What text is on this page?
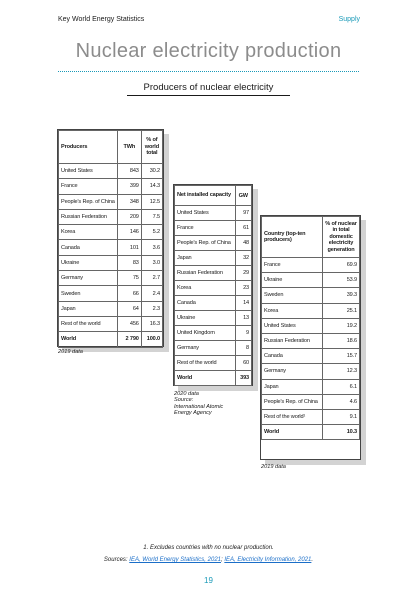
Key World Energy Statistics	Supply
Nuclear electricity production
Producers of nuclear electricity
Producers	TWh	% of world total
United States	843	30.2
France	399	14.3
People's Rep. of China	348	12.5
Russian Federation	209	7.5
Korea	146	5.2
Canada	101	3.6
Ukraine	83	3.0
Germany	75	2.7
Sweden	66	2.4
Japan	64	2.3
Rest of the world	456	16.3
World	2 790	100.0
2019 data
Net installed capacity	GW
United States	97
France	61
People's Rep. of China	48
Japan	32
Russian Federation	29
Korea	23
Canada	14
Ukraine	13
United Kingdom	9
Germany	8
Rest of the world	60
World	393
2020 data
Source:
International Atomic
Energy Agency
Country (top-ten producers)	% of nuclear in total domestic electricity generation
France	69.9
Ukraine	53.9
Sweden	39.3
Korea	25.1
United States	19.2
Russian Federation	18.6
Canada	15.7
Germany	12.3
Japan	6.1
People's Rep. of China	4.6
Rest of the world¹	9.1
World	10.3
2019 data
1. Excludes countries with no nuclear production.
Sources: IEA, World Energy Statistics, 2021; IEA, Electricity Information, 2021.
19
